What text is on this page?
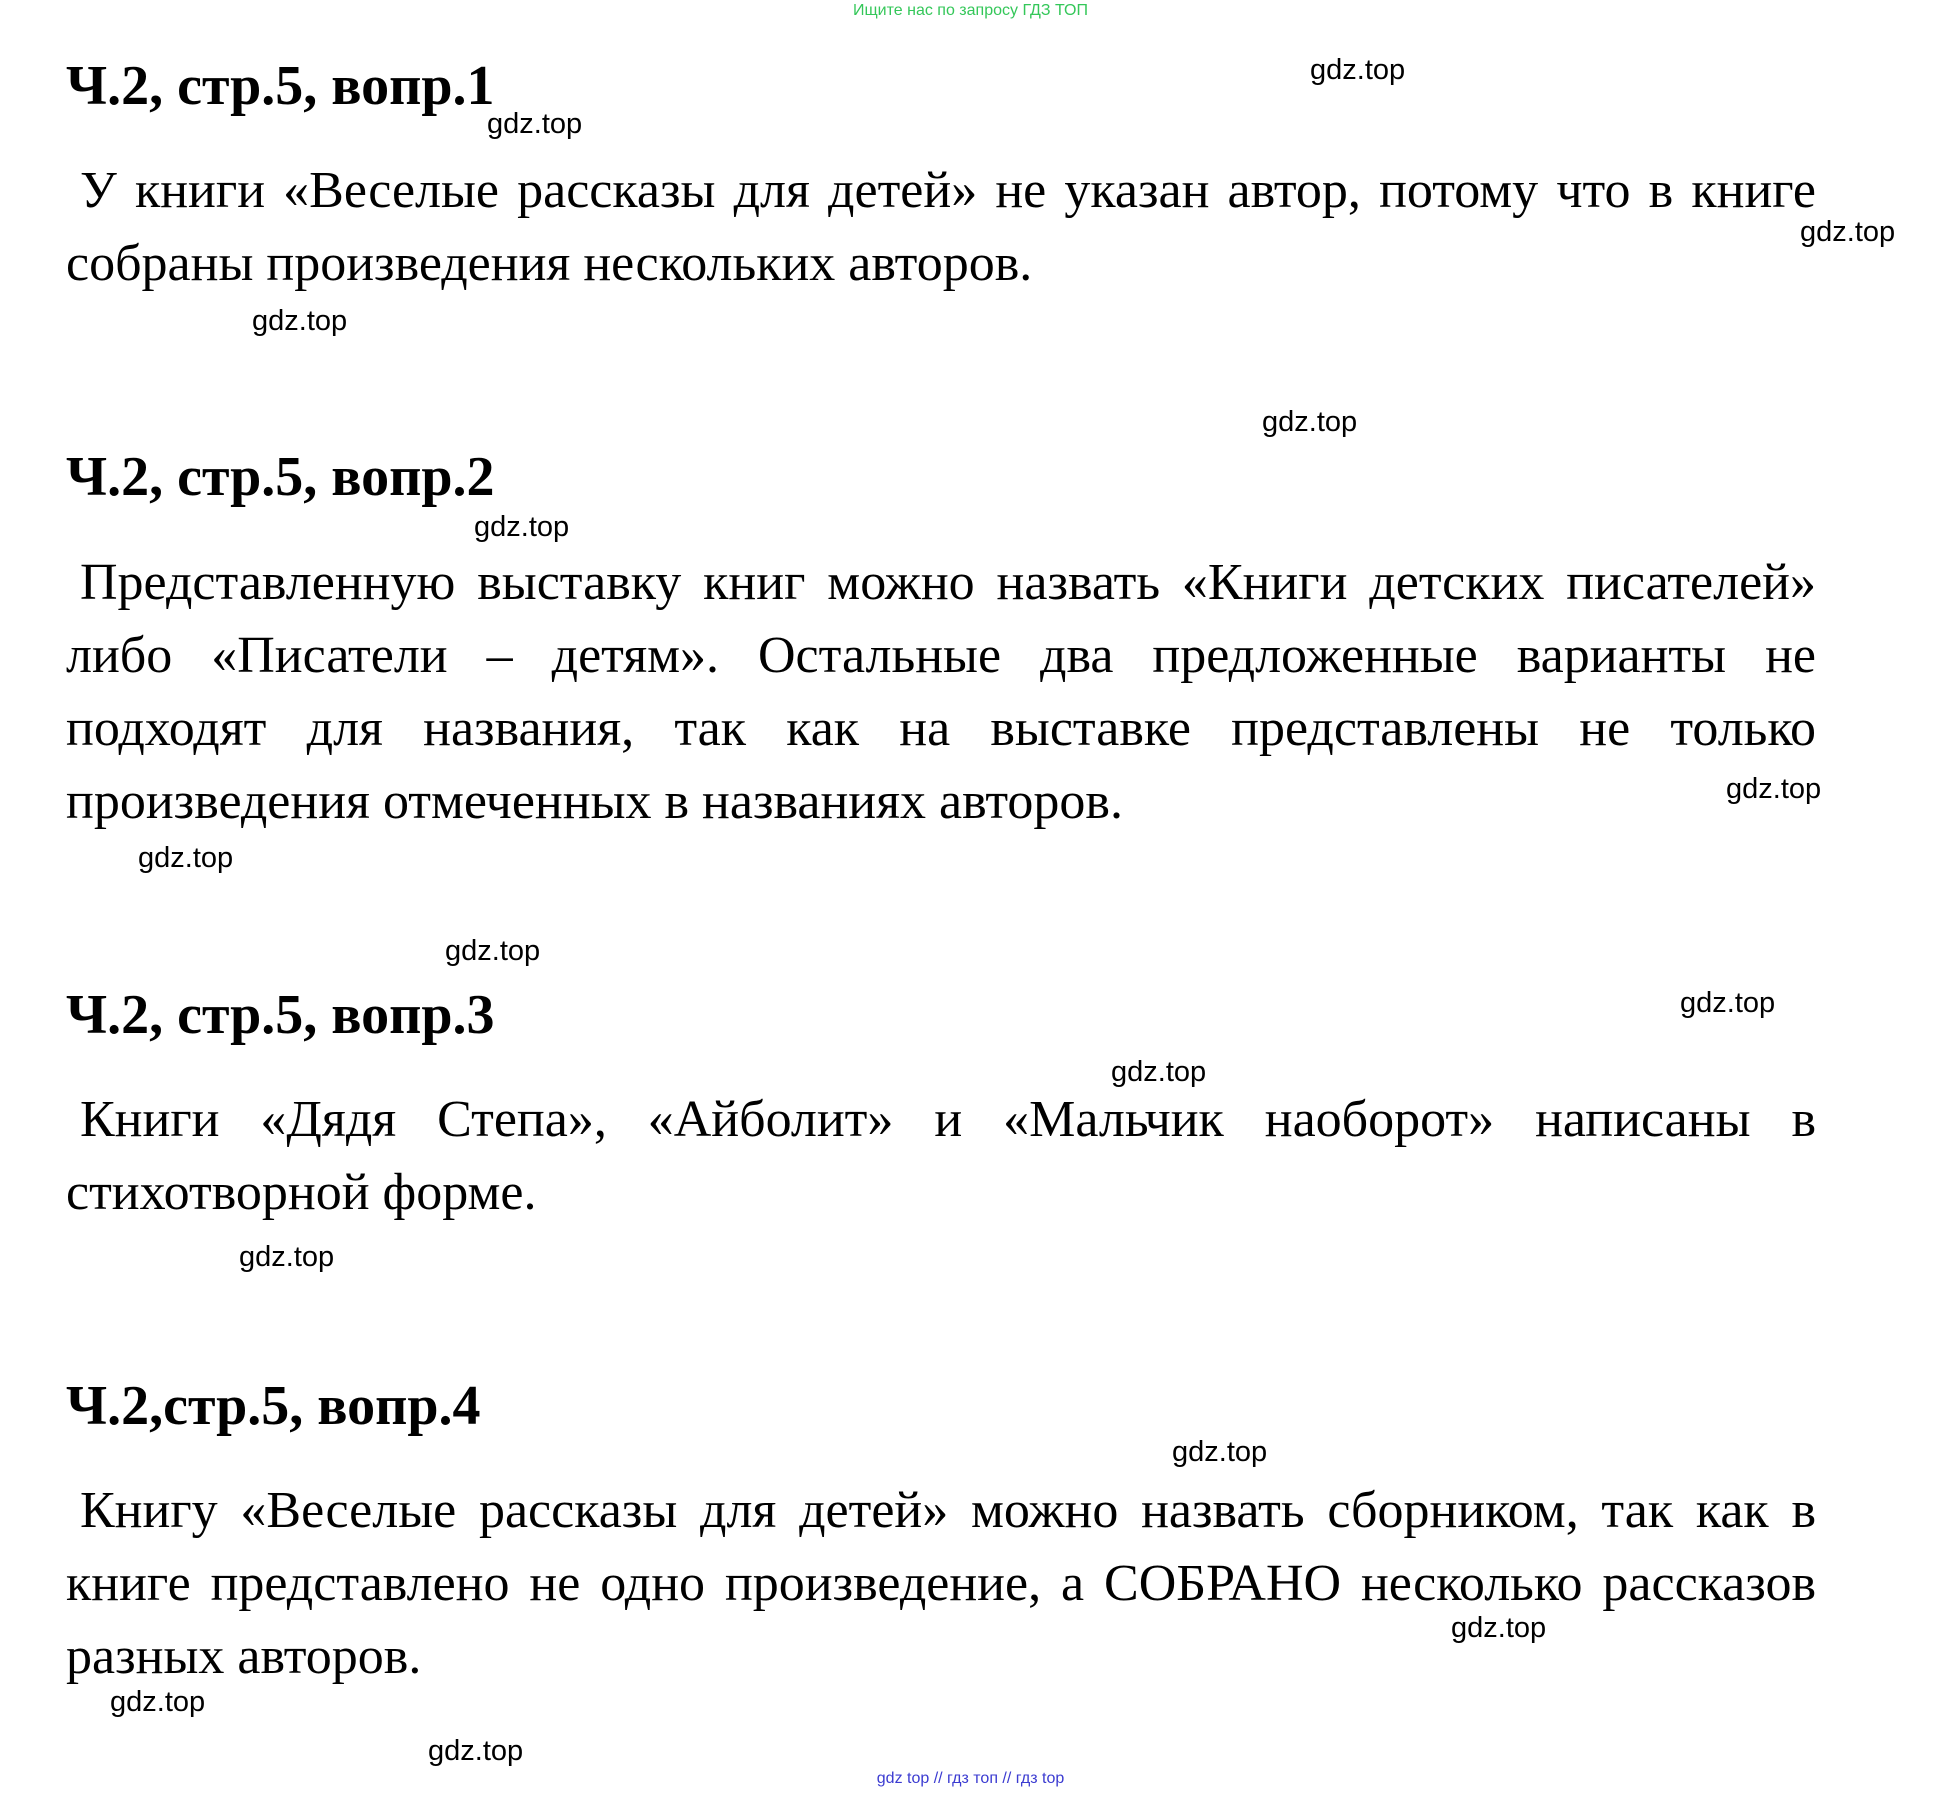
Ищите нас по запросу ГДЗ ТОП
Ч.2, стр.5, вопр.1

У книги «Веселые рассказы для детей» не указан автор, потому что в книге собраны произведения нескольких авторов.

Ч.2, стр.5, вопр.2

Представленную выставку книг можно назвать «Книги детских писателей» либо «Писатели – детям». Остальные два предложенные варианты не подходят для названия, так как на выставке представлены не только произведения отмеченных в названиях авторов.

Ч.2, стр.5, вопр.3

Книги «Дядя Степа», «Айболит» и «Мальчик наоборот» написаны в стихотворной форме.

Ч.2,стр.5, вопр.4

Книгу «Веселые рассказы для детей» можно назвать сборником, так как в книге представлено не одно произведение, а СОБРАНО несколько рассказов разных авторов.

gdz.top
gdz.top
gdz.top
gdz.top
gdz.top
gdz.top
gdz.top
gdz.top
gdz.top
gdz.top
gdz.top
gdz.top
gdz.top
gdz.top
gdz.top
gdz.top
gdz top // гдз топ // гдз top
